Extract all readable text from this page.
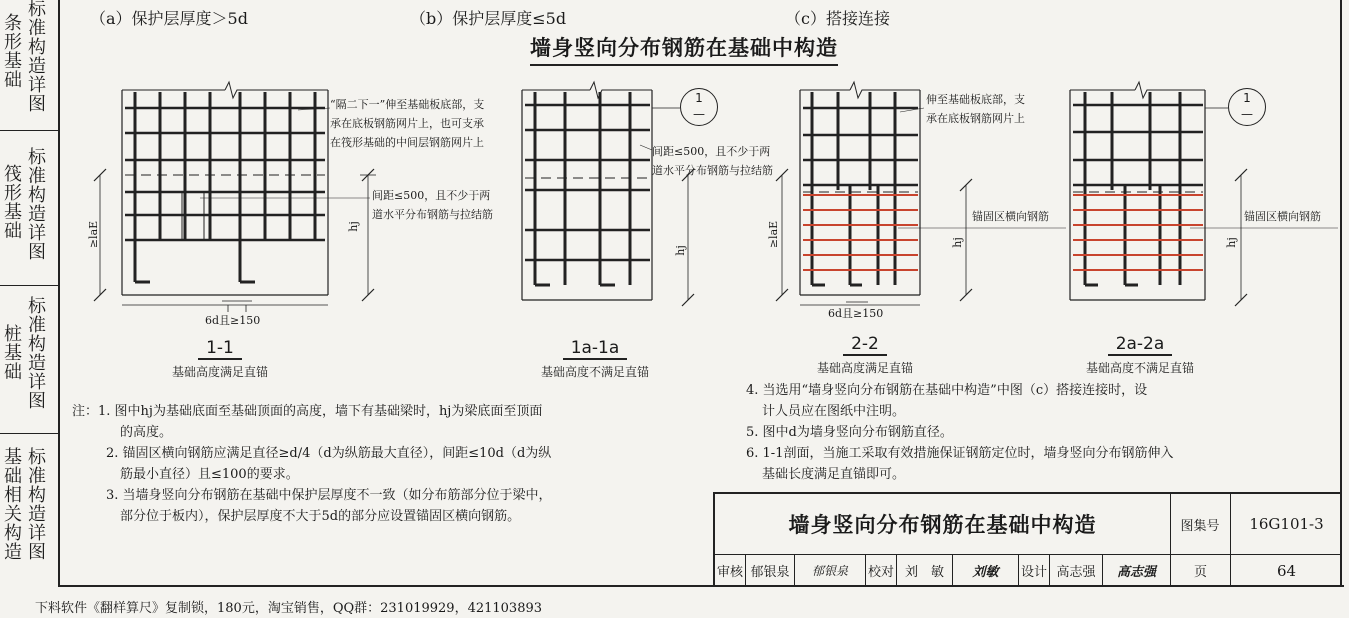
条形基础
标准构造详图
筏形基础
标准构造详图
桩基础
标准构造详图
基础相关构造
标准构造详图
（a）保护层厚度＞5d	（b）保护层厚度≤5d	（c）搭接连接
墙身竖向分布钢筋在基础中构造
“隔二下一”伸至基础板底部，支
承在底板钢筋网片上，也可支承
在筏形基础的中间层钢筋网片上
间距≤500，且不少于两
道水平分布钢筋与拉结筋
间距≤500，且不少于两
道水平分布钢筋与拉结筋
伸至基础板底部，支
承在底板钢筋网片上
锚固区横向钢筋	锚固区横向钢筋
≥laE	hj
hj
≥laE	hj	hj
6d且≥150
6d且≥150
1
—
1
—
1-1
基础高度满足直锚
1a-1a
基础高度不满足直锚
2-2
基础高度满足直锚
2a-2a
基础高度不满足直锚

注：1. 图中hj为基础底面至基础顶面的高度，墙下有基础梁时，hj为梁底面至顶面

的高度。

2. 锚固区横向钢筋应满足直径≥d/4（d为纵筋最大直径），间距≤10d（d为纵

筋最小直径）且≤100的要求。

3. 当墙身竖向分布钢筋在基础中保护层厚度不一致（如分布筋部分位于梁中，

部分位于板内），保护层厚度不大于5d的部分应设置锚固区横向钢筋。

4. 当选用“墙身竖向分布钢筋在基础中构造”中图（c）搭接连接时，设

计人员应在图纸中注明。

5. 图中d为墙身竖向分布钢筋直径。

6. 1-1剖面，当施工采取有效措施保证钢筋定位时，墙身竖向分布钢筋伸入

基础长度满足直锚即可。

墙身竖向分布钢筋在基础中构造	图集号	16G101-3
审核 郁银泉	郁银泉	校对 刘　敏	刘敏	设计 高志强	高志强	页	64
下料软件《翻样算尺》复制锁，180元，淘宝销售，QQ群：231019929，421103893
